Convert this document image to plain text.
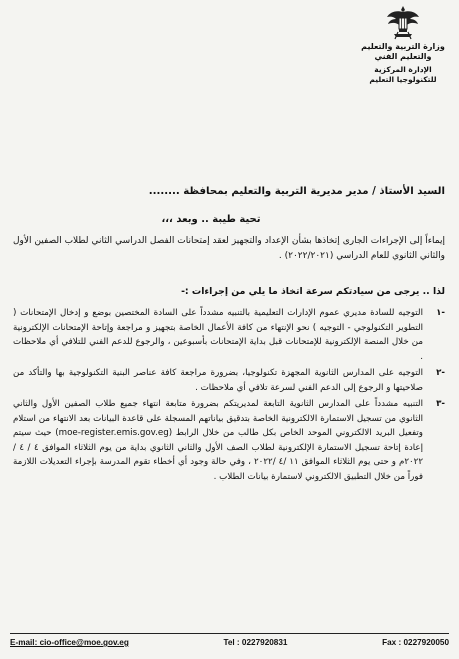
وزارة التربية والتعليم
والتعليم الفني
الإدارة المركزية
للتكنولوجيا التعليم
السيد الأستاذ / مدير مديرية التربية والتعليم بمحافظة ........
تحية طيبة .. وبعد ،،،
إيماءاً إلى الإجراءات الجارى إتخاذها بشأن الإعداد والتجهيز لعقد إمتحانات الفصل الدراسي الثاني لطلاب الصفين الأول والثاني الثانوي للعام الدراسي (٢٠٢٢/٢٠٢١) .
لذا .. يرجى من سيادتكم سرعة اتخاذ ما يلي من إجراءات :-
١-
التوجيه للسادة مديري عموم الإدارات التعليمية بالتنبيه مشدداً على السادة المختصين بوضع و إدخال الإمتحانات ( التطوير التكنولوجي - التوجيه ) نحو الإنتهاء من كافة الأعمال الخاصة بتجهيز و مراجعة وإتاحة الإمتحانات الإلكترونية من خلال المنصة الإلكترونية للإمتحانات قبل بداية الإمتحانات بأسبوعين ، والرجوع للدعم الفني للتلافي أي ملاحظات .
٢-
التوجيه على المدارس الثانوية المجهزة تكنولوجيا، بضرورة مراجعة كافة عناصر البنية التكنولوجية بها والتأكد من صلاحيتها و الرجوع إلى الدعم الفني لسرعة تلافي أي ملاحظات .
٣-
التنبيه مشدداً على المدارس الثانوية التابعة لمديريتكم بضرورة متابعة انتهاء جميع طلاب الصفين الأول والثاني الثانوي من تسجيل الاستمارة الالكترونية الخاصة بتدقيق بياناتهم المسجلة على قاعدة البيانات بعد الانتهاء من استلام وتفعيل البريد الالكتروني الموحد الخاص بكل طالب من خلال الرابط (moe-register.emis.gov.eg) حيث سيتم إعادة إتاحة تسجيل الاستمارة الإلكترونية لطلاب الصف الأول والثاني الثانوي بداية من يوم الثلاثاء الموافق ٤ / ٤ / ٢٠٢٢م و حتى يوم الثلاثاء الموافق ١١ /٤ /٢٠٢٢ ، وفي حالة وجود أي أخطاء تقوم المدرسة بإجراء التعديلات اللازمة فوراً من خلال التطبيق الالكتروني لاستمارة بيانات الطلاب .
E-mail: cio-office@moe.gov.eg	Tel : 0227920831	Fax : 0227920050
